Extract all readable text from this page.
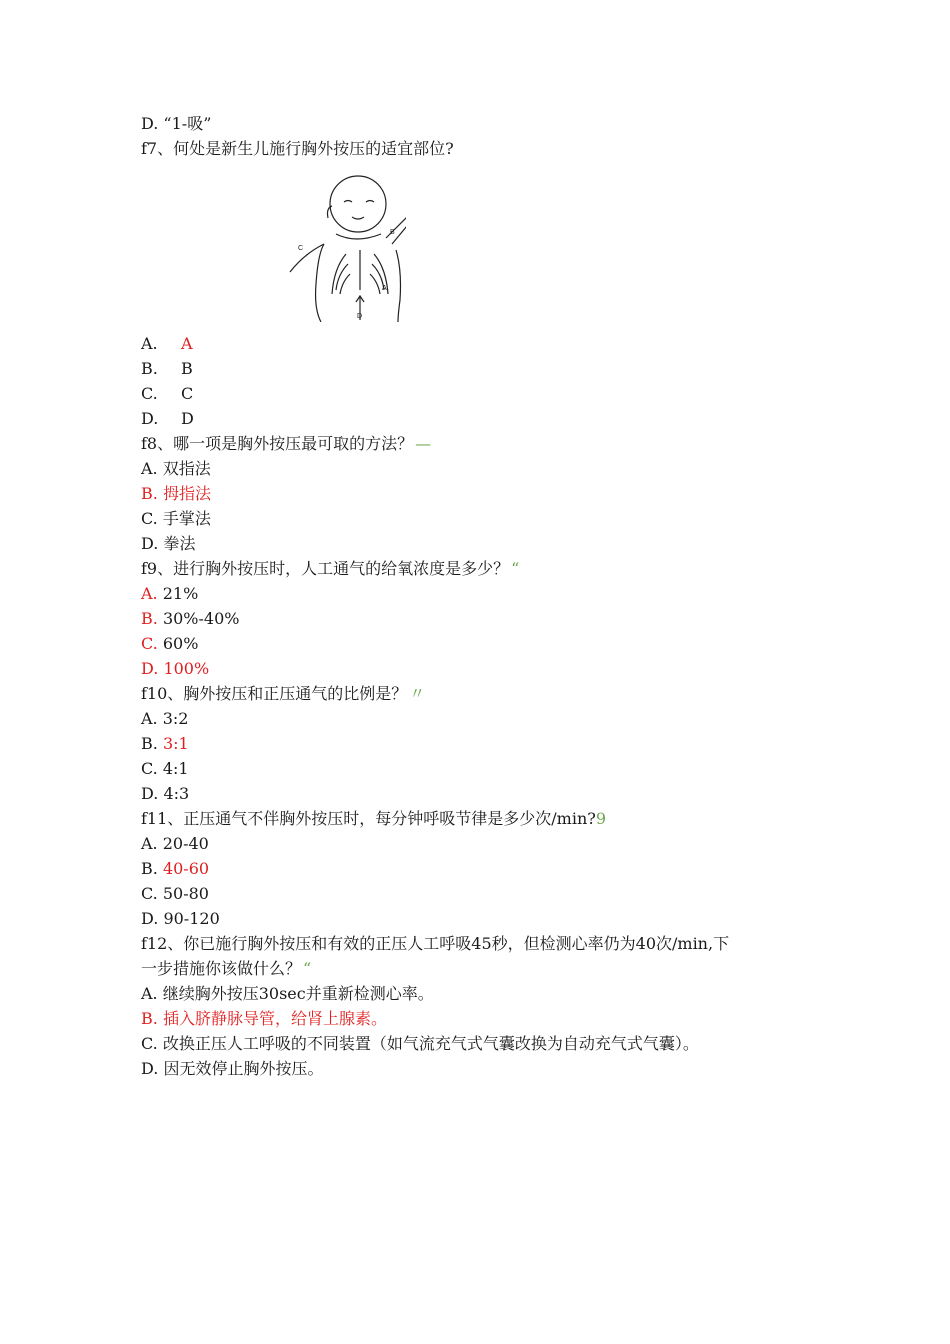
D. “1-吸”
f7、何处是新生儿施行胸外按压的适宜部位?
B
C
A
D
A. A
B. B
C. C
D. D
f8、哪一项是胸外按压最可取的方法？ —
A. 双指法
B. 拇指法
C. 手掌法
D. 拳法
f9、进行胸外按压时，人工通气的给氧浓度是多少？ “
A. 21%
B. 30%-40%
C. 60%
D. 100%
f10、胸外按压和正压通气的比例是？ 〃
A. 3:2
B. 3:1
C. 4:1
D. 4:3
f11、正压通气不伴胸外按压时，每分钟呼吸节律是多少次/min?9
A. 20-40
B. 40-60
C. 50-80
D. 90-120
f12、你已施行胸外按压和有效的正压人工呼吸45秒，但检测心率仍为40次/min,下
一步措施你该做什么？ “
A. 继续胸外按压30sec并重新检测心率。
B. 插入脐静脉导管，给肾上腺素。
C. 改换正压人工呼吸的不同装置（如气流充气式气囊改换为自动充气式气囊）。
D. 因无效停止胸外按压。
